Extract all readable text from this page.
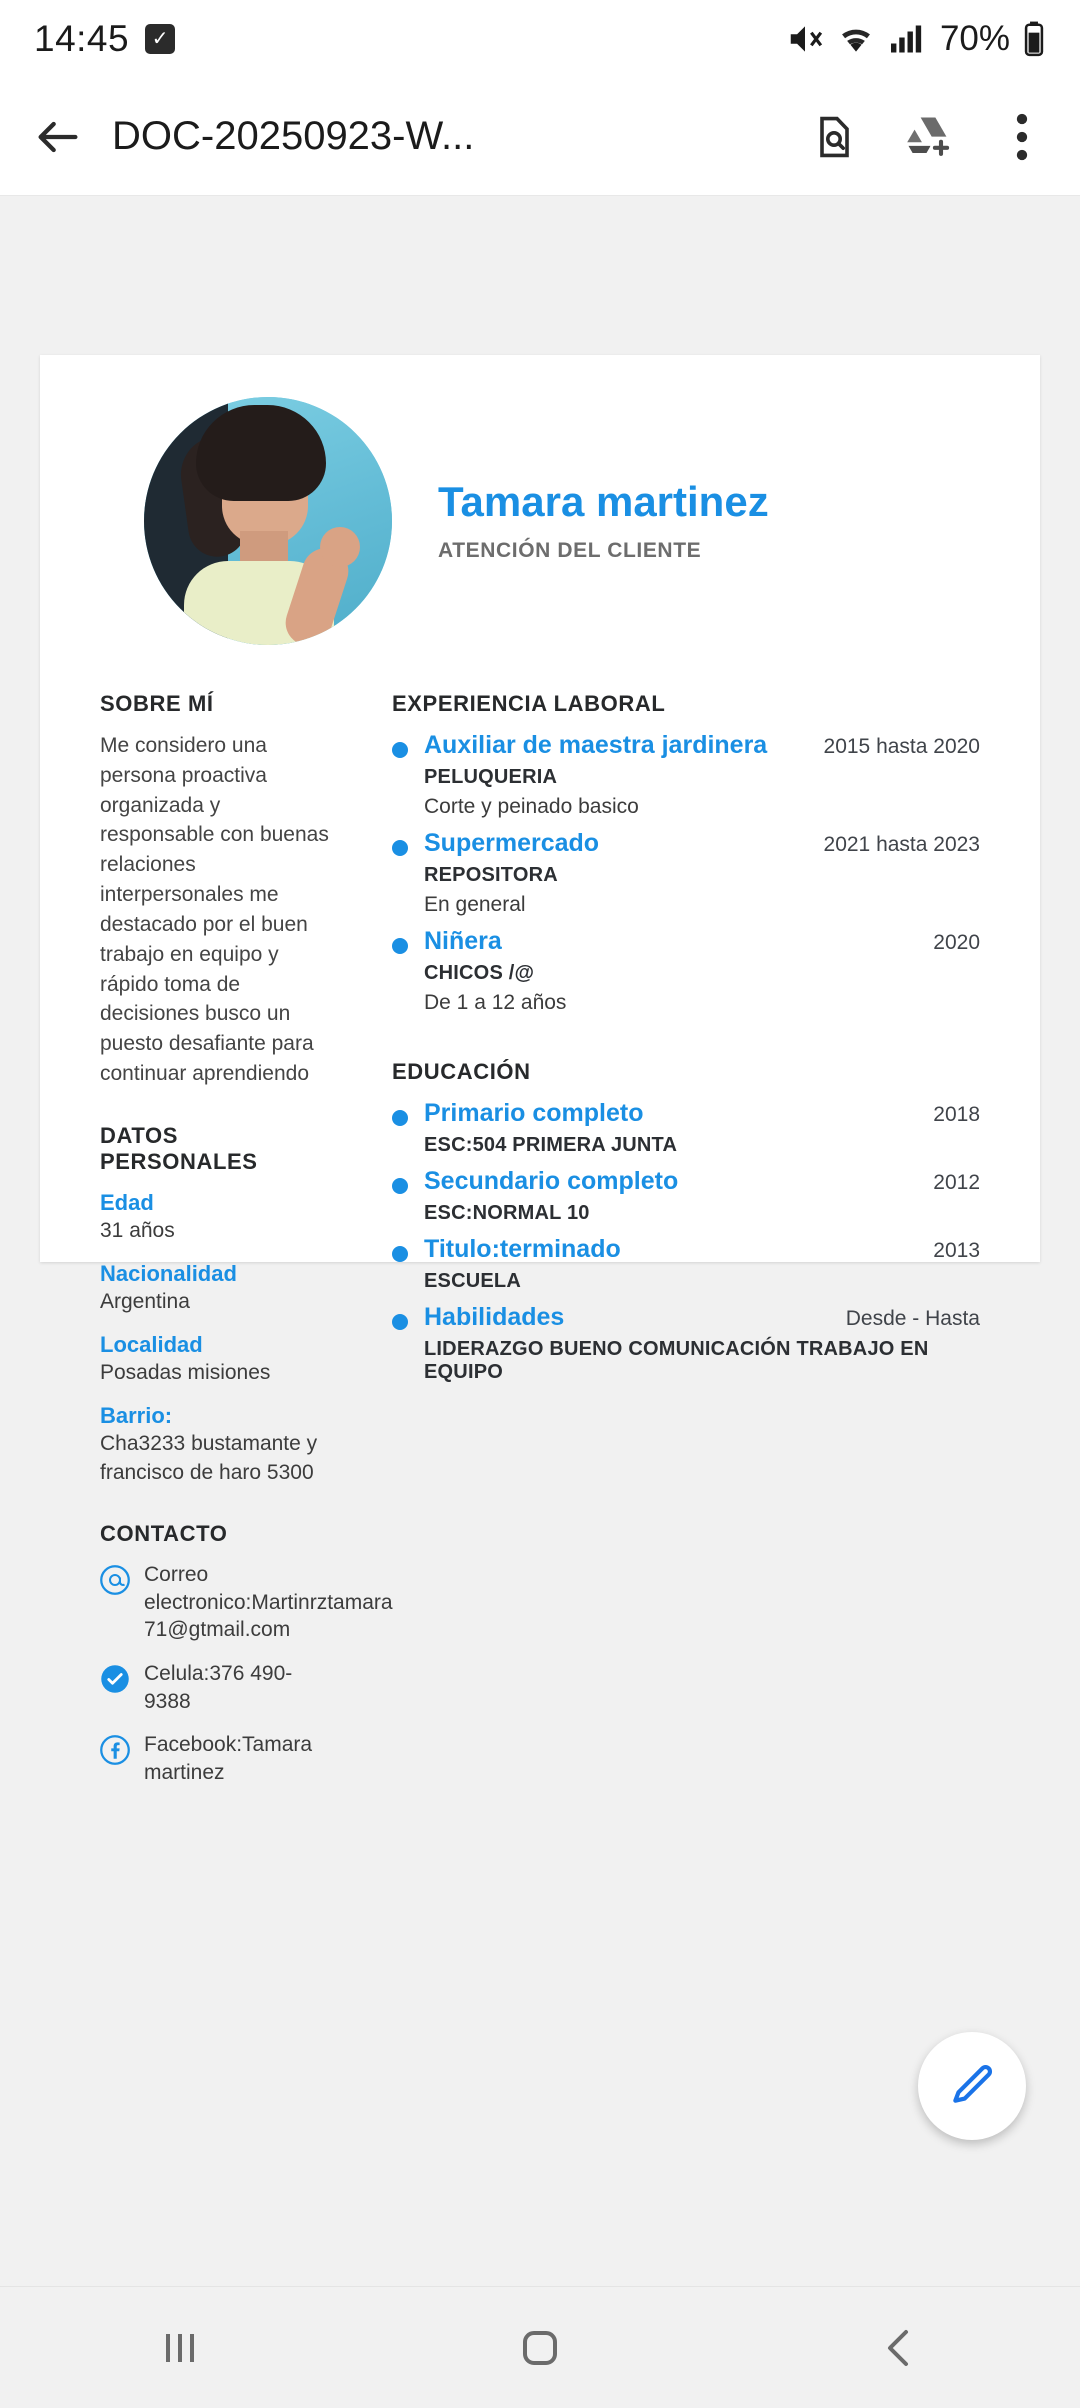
14:45	✓	70%
DOC-20250923-W...
Tamara martinez
ATENCIÓN DEL CLIENTE
SOBRE MÍ
Me considero una persona proactiva organizada y responsable con buenas relaciones interpersonales me destacado por el buen trabajo en equipo y rápido toma de decisiones busco un puesto desafiante para continuar aprendiendo
DATOS PERSONALES
Edad
31 años
Nacionalidad
Argentina
Localidad
Posadas misiones
Barrio:
Cha3233 bustamante y francisco de haro 5300
CONTACTO
Correo electronico:Martinrztamara 71@gtmail.com
Celula:376 490-9388
Facebook:Tamara martinez
EXPERIENCIA LABORAL
Auxiliar de maestra jardinera	2015 hasta 2020
PELUQUERIA
Corte y peinado basico
Supermercado	2021 hasta 2023
REPOSITORA
En general
Niñera	2020
CHICOS /@
De 1 a 12 años
EDUCACIÓN
Primario completo	2018
ESC:504 PRIMERA JUNTA
Secundario completo	2012
ESC:NORMAL 10
Titulo:terminado	2013
ESCUELA
Habilidades	Desde - Hasta
LIDERAZGO BUENO COMUNICACIÓN TRABAJO EN EQUIPO
